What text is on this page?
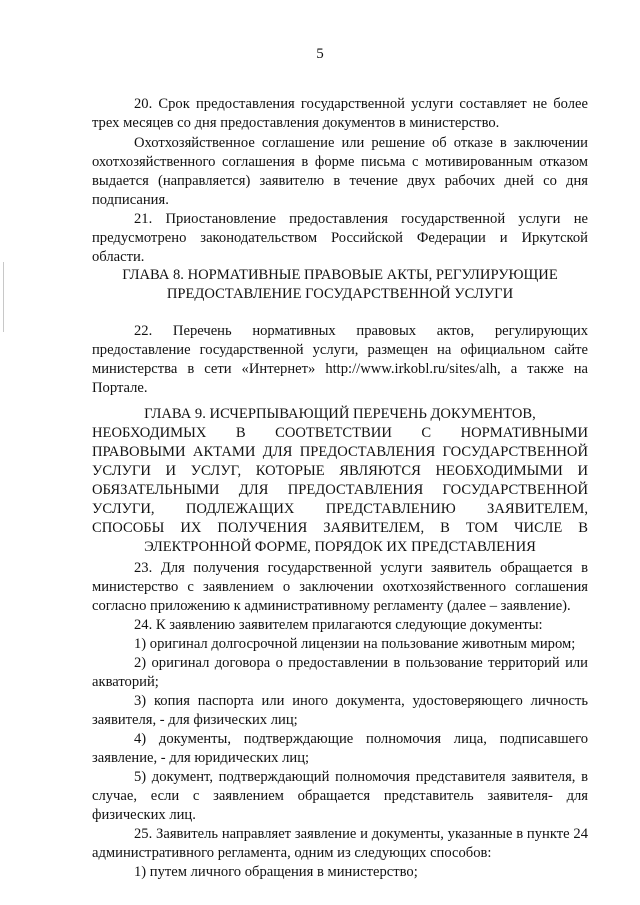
5
20. Срок предоставления государственной услуги составляет не более
трех месяцев со дня предоставления документов в министерство.
Охотхозяйственное соглашение или решение об отказе в заключении
охотхозяйственного соглашения в форме письма с мотивированным отказом
выдается (направляется) заявителю в течение двух рабочих дней со дня
подписания.
21. Приостановление предоставления государственной услуги не
предусмотрено законодательством Российской Федерации и Иркутской
области.
ГЛАВА 8. НОРМАТИВНЫЕ ПРАВОВЫЕ АКТЫ, РЕГУЛИРУЮЩИЕ
ПРЕДОСТАВЛЕНИЕ ГОСУДАРСТВЕННОЙ УСЛУГИ
22. Перечень нормативных правовых актов, регулирующих
предоставление государственной услуги, размещен на официальном сайте
министерства в сети «Интернет» http://www.irkobl.ru/sites/alh, а также на
Портале.
ГЛАВА 9. ИСЧЕРПЫВАЮЩИЙ ПЕРЕЧЕНЬ ДОКУМЕНТОВ,
НЕОБХОДИМЫХ В СООТВЕТСТВИИ С НОРМАТИВНЫМИ
ПРАВОВЫМИ АКТАМИ ДЛЯ ПРЕДОСТАВЛЕНИЯ ГОСУДАРСТВЕННОЙ
УСЛУГИ И УСЛУГ, КОТОРЫЕ ЯВЛЯЮТСЯ НЕОБХОДИМЫМИ И
ОБЯЗАТЕЛЬНЫМИ ДЛЯ ПРЕДОСТАВЛЕНИЯ ГОСУДАРСТВЕННОЙ
УСЛУГИ, ПОДЛЕЖАЩИХ ПРЕДСТАВЛЕНИЮ ЗАЯВИТЕЛЕМ,
СПОСОБЫ ИХ ПОЛУЧЕНИЯ ЗАЯВИТЕЛЕМ, В ТОМ ЧИСЛЕ В
ЭЛЕКТРОННОЙ ФОРМЕ, ПОРЯДОК ИХ ПРЕДСТАВЛЕНИЯ
23. Для получения государственной услуги заявитель обращается в
министерство с заявлением о заключении охотхозяйственного соглашения
согласно приложению к административному регламенту (далее – заявление).
24. К заявлению заявителем прилагаются следующие документы:
1) оригинал долгосрочной лицензии на пользование животным миром;
2) оригинал договора о предоставлении в пользование территорий или
акваторий;
3) копия паспорта или иного документа, удостоверяющего личность
заявителя, - для физических лиц;
4) документы, подтверждающие полномочия лица, подписавшего
заявление, - для юридических лиц;
5) документ, подтверждающий полномочия представителя заявителя, в
случае, если с заявлением обращается представитель заявителя- для
физических лиц.
25. Заявитель направляет заявление и документы, указанные в пункте 24
административного регламента, одним из следующих способов:
1) путем личного обращения в министерство;
